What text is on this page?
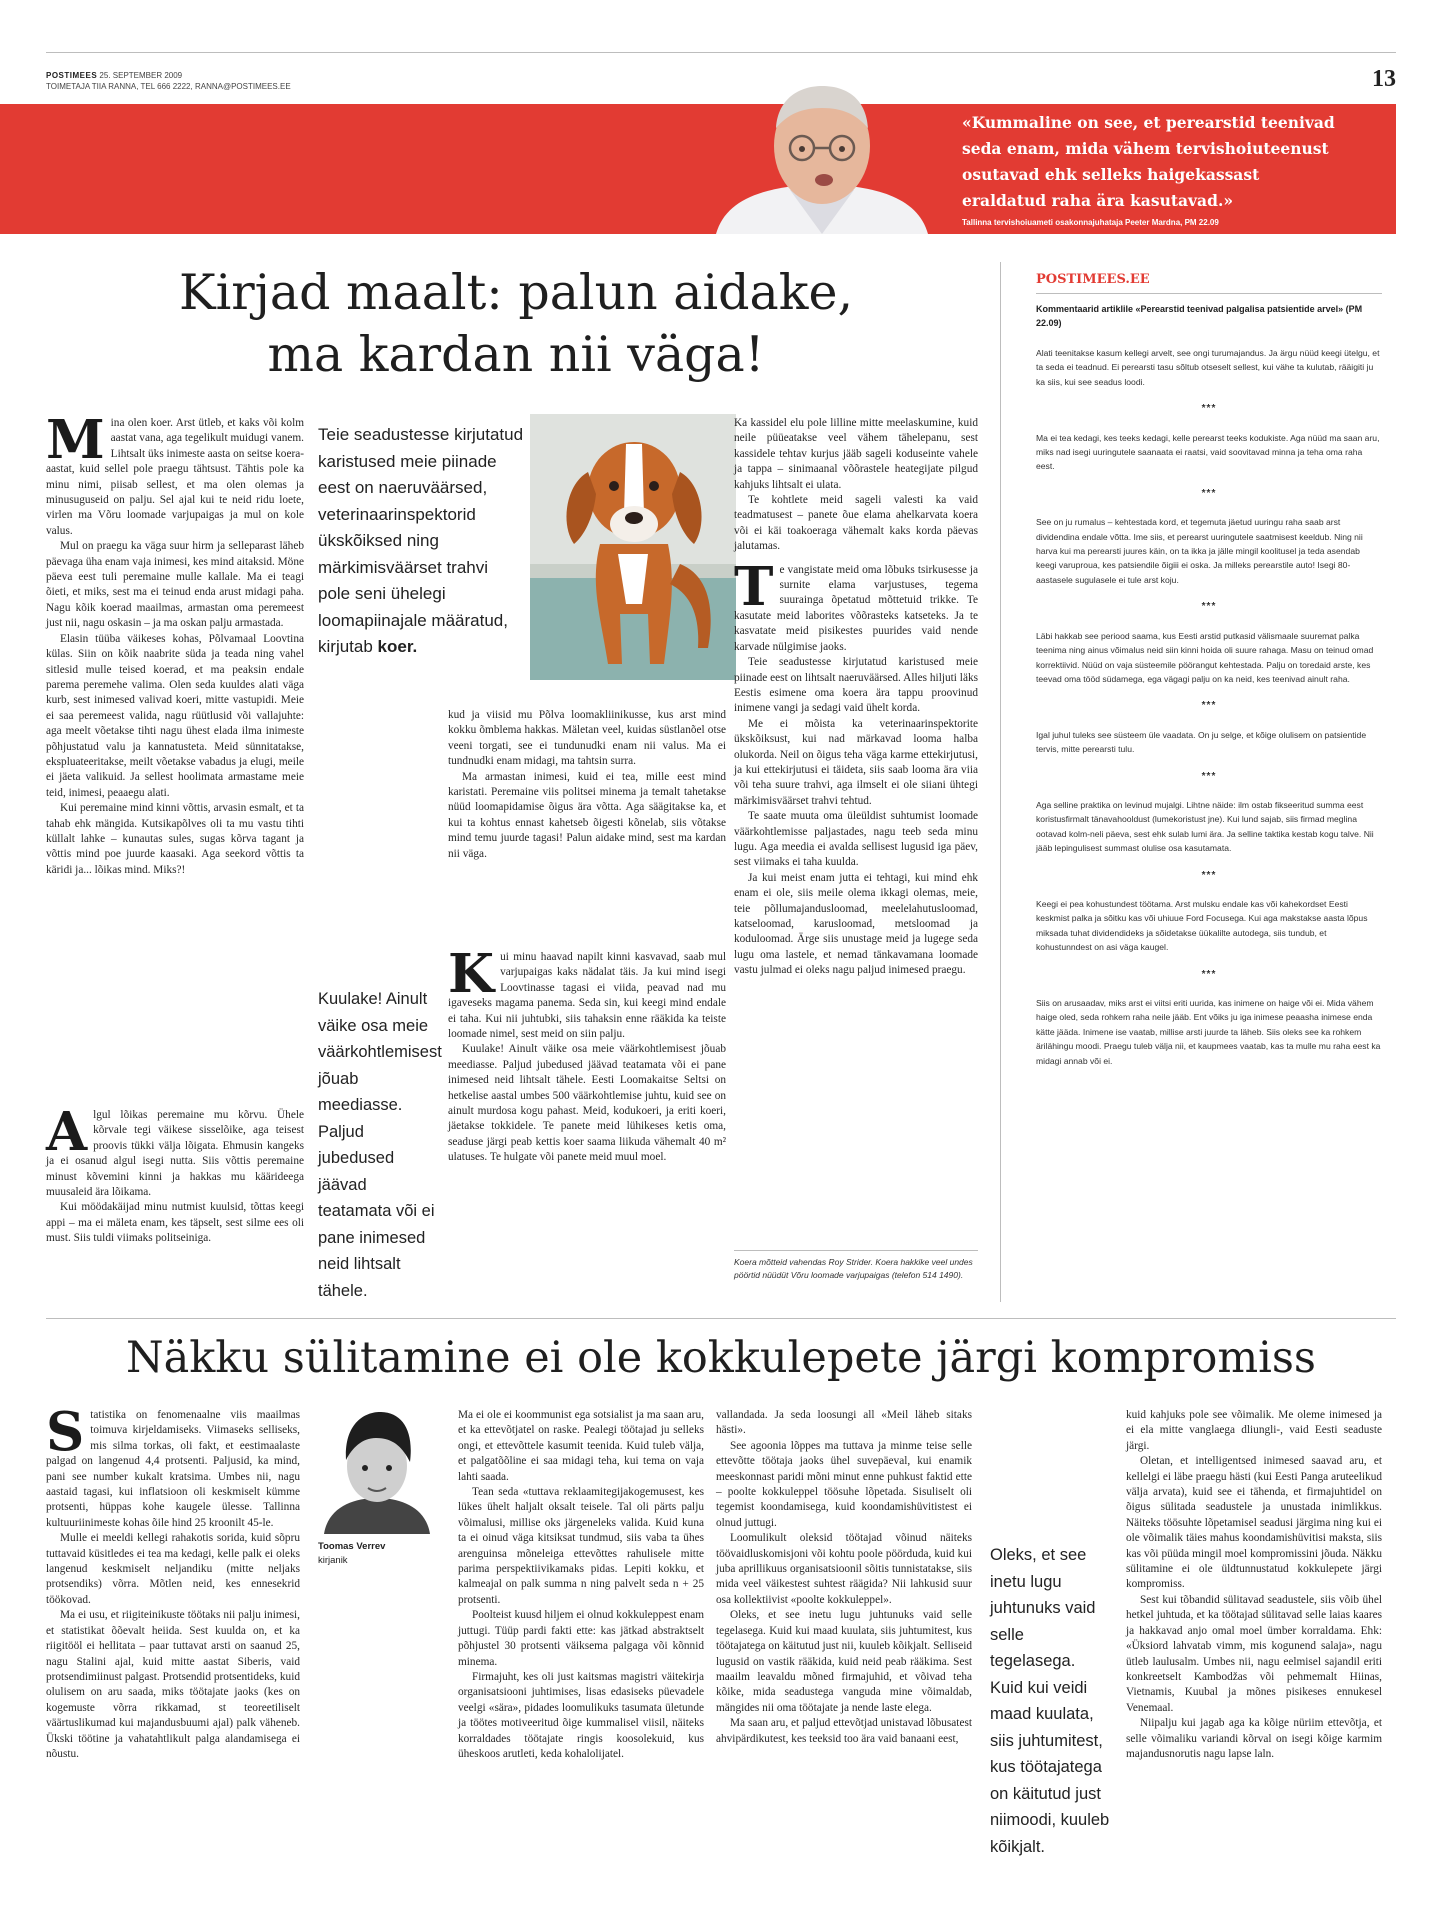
POSTIMEES 25. SEPTEMBER 2009
TOIMETAJA TIIA RANNA, TEL 666 2222, RANNA@POSTIMEES.EE	13
«Kummaline on see, et perearstid teenivad
seda enam, mida vähem tervishoiuteenust
osutavad ehk selleks haigekassast
eraldatud raha ära kasutavad.»
Tallinna tervishoiuameti osakonnajuhataja Peeter Mardna, PM 22.09
Kirjad maalt: palun aidake,
ma kardan nii väga!

Mina olen koer. Arst ütleb, et kaks või kolm aastat vana, aga tegelikult muidugi vanem. Lihtsalt üks inimeste aasta on seitse koera-aastat, kuid sellel pole praegu tähtsust. Tähtis pole ka minu nimi, piisab sellest, et ma olen olemas ja minusuguseid on palju. Sel ajal kui te neid ridu loete, virlen ma Võru loomade varjupaigas ja mul on kole valus.

Mul on praegu ka väga suur hirm ja selleparast läheb päevaga üha enam vaja inimesi, kes mind aitaksid. Möne päeva eest tuli peremaine mulle kallale. Ma ei teagi õieti, et miks, sest ma ei teinud enda arust midagi paha. Nagu kõik koerad maailmas, armastan oma peremeest just nii, nagu oskasin – ja ma oskan palju armastada.

Elasin tüüba väikeses kohas, Põlvamaal Loovtina külas. Siin on kõik naabrite süda ja teada ning vahel sitlesid mulle teised koerad, et ma peaksin endale parema peremehe valima. Olen seda kuuldes alati väga kurb, sest inimesed valivad koeri, mitte vastupidi. Meie ei saa peremeest valida, nagu rüütlusid või vallajuhte: aga meelt võetakse tihti nagu ühest elada ilma inimeste põhjustatud valu ja kannatusteta. Meid sünnitatakse, ekspluateeritakse, meilt võetakse vabadus ja elugi, meile ei jäeta valikuid. Ja sellest hoolimata armastame meie teid, inimesi, peaaegu alati.

Kui peremaine mind kinni võttis, arvasin esmalt, et ta tahab ehk mängida. Kutsikapõlves oli ta mu vastu tihti küllalt lahke – kunautas sules, sugas kõrva tagant ja võttis mind poe juurde kaasaki. Aga seekord võttis ta käridi ja... lõikas mind. Miks?!

Algul lõikas peremaine mu kõrvu. Ühele kõrvale tegi väikese sisselõike, aga teisest proovis tükki välja lõigata. Ehmusin kangeks ja ei osanud algul isegi nutta. Siis võttis peremaine minust kõvemini kinni ja hakkas mu käärideega muusaleid ära lõikama.

Kui möödakäijad minu nutmist kuulsid, tõttas keegi appi – ma ei mäleta enam, kes täpselt, sest silme ees oli must. Siis tuldi viimaks politseiniga.

Teie seadustesse kirjutatud karistused meie piinade eest on naeruväärsed, veterinaarinspektorid ükskõiksed ning märkimisväärset trahvi pole seni ühelegi loomapiinajale määratud, kirjutab koer.
Kuulake! Ainult väike osa meie väärkohtlemisest jõuab meediasse. Paljud jubedused jäävad teatamata või ei pane inimesed neid lihtsalt tähele.

kud ja viisid mu Põlva loomakliinikusse, kus arst mind kokku õmblema hakkas. Mäletan veel, kuidas süstlanõel otse veeni torgati, see ei tundunudki enam nii valus. Ma ei tundnudki enam midagi, ma tahtsin surra.

Ma armastan inimesi, kuid ei tea, mille eest mind karistati. Peremaine viis politsei minema ja temalt tahetakse nüüd loomapidamise õigus ära võtta. Aga säägitakse ka, et kui ta kohtus ennast kahetseb õigesti kõnelab, siis võtakse mind temu juurde tagasi! Palun aidake mind, sest ma kardan nii väga.

Kui minu haavad napilt kinni kasvavad, saab mul varjupaigas kaks nädalat täis. Ja kui mind isegi Loovtinasse tagasi ei viida, peavad nad mu igaveseks magama panema. Seda sin, kui keegi mind endale ei taha. Kui nii juhtubki, siis tahaksin enne rääkida ka teiste loomade nimel, sest meid on siin palju.

Kuulake! Ainult väike osa meie väärkohtlemisest jõuab meediasse. Paljud jubedused jäävad teatamata või ei pane inimesed neid lihtsalt tähele. Eesti Loomakaitse Seltsi on hetkelise aastal umbes 500 väärkohtlemise juhtu, kuid see on ainult murdosa kogu pahast. Meid, kodukoeri, ja eriti koeri, jäetakse tokkidele. Te panete meid lühikeses ketis oma, seaduse järgi peab kettis koer saama liikuda vähemalt 40 m² ulatuses. Te hulgate või panete meid muul moel.

Ka kassidel elu pole lilline mitte meelaskumine, kuid neile püüeatakse veel vähem tähelepanu, sest kassidele tehtav kurjus jääb sageli koduseinte vahele ja tappa – sinimaanal võõrastele heategijate pilgud kahjuks lihtsalt ei ulata.

Te kohtlete meid sageli valesti ka vaid teadmatusest – panete õue elama ahelkarvata koera või ei käi toakoeraga vähemalt kaks korda päevas jalutamas.

Te vangistate meid oma lõbuks tsirkusesse ja surnite elama varjustuses, tegema suurainga õpetatud mõttetuid trikke. Te kasutate meid laborites võõrasteks katseteks. Ja te kasvatate meid pisikestes puurides vaid nende karvade nülgimise jaoks.

Teie seadustesse kirjutatud karistused meie piinade eest on lihtsalt naeruväärsed. Alles hiljuti läks Eestis esimene oma koera ära tappu proovinud inimene vangi ja sedagi vaid ühelt korda.

Me ei mõista ka veterinaarinspektorite ükskõiksust, kui nad märkavad looma halba olukorda. Neil on õigus teha väga karme ettekirjutusi, ja kui ettekirjutusi ei täideta, siis saab looma ära viia või teha suure trahvi, aga ilmselt ei ole siiani ühtegi märkimisväärset trahvi tehtud.

Te saate muuta oma üleüldist suhtumist loomade väärkohtlemisse paljastades, nagu teeb seda minu lugu. Aga meedia ei avalda sellisest lugusid iga päev, sest viimaks ei taha kuulda.

Ja kui meist enam jutta ei tehtagi, kui mind ehk enam ei ole, siis meile olema ikkagi olemas, meie, teie põllumajandusloomad, meelelahutusloomad, katseloomad, karusloomad, metsloomad ja koduloomad. Ärge siis unustage meid ja lugege seda lugu oma lastele, et nemad tänkavamana loomade vastu julmad ei oleks nagu paljud inimesed praegu.

Koera mõtteid vahendas Roy Strider. Koera hakkike veel undes pöörtid nüüdüt Võru loomade varjupaigas (telefon 514 1490).
POSTIMEES.EE
Kommentaarid artiklile «Perearstid teenivad palgalisa patsientide arvel» (PM 22.09)

Alati teenitakse kasum kellegi arvelt, see ongi turumajandus. Ja ärgu nüüd keegi ütelgu, et ta seda ei teadnud. Ei perearsti tasu sõltub otseselt sellest, kui vähe ta kulutab, rääigiti ju ka siis, kui see seadus loodi.

***

Ma ei tea kedagi, kes teeks kedagi, kelle perearst teeks kodukiste. Aga nüüd ma saan aru, miks nad isegi uuringutele saanaata ei raatsi, vaid soovitavad minna ja teha oma raha eest.

***

See on ju rumalus – kehtestada kord, et tegemuta jäetud uuringu raha saab arst dividendina endale võtta. Ime siis, et perearst uuringutele saatmisest keeldub. Ning nii harva kui ma perearsti juures käin, on ta ikka ja jälle mingil koolitusel ja teda asendab keegi varuproua, kes patsiendile õigiii ei oska. Ja milleks perearstile auto! Isegi 80-aastasele sugulasele ei tule arst koju.

***

Läbi hakkab see periood saama, kus Eesti arstid putkasid välismaale suuremat palka teenima ning ainus võimalus neid siin kinni hoida oli suure rahaga. Masu on teinud omad korrektiivid. Nüüd on vaja süsteemile pöörangut kehtestada. Palju on toredaid arste, kes teevad oma tööd südamega, ega vägagi palju on ka neid, kes teenivad ainult raha.

***

Igal juhul tuleks see süsteem üle vaadata. On ju selge, et kõige olulisem on patsientide tervis, mitte perearsti tulu.

***

Aga selline praktika on levinud mujalgi. Lihtne näide: ilm ostab fikseeritud summa eest koristusfirmalt tänavahooldust (lumekoristust jne). Kui lund sajab, siis firmad meglina ootavad kolm-neli päeva, sest ehk sulab lumi ära. Ja selline taktika kestab kogu talve. Nii jääb lepingulisest summast olulise osa kasutamata.

***

Keegi ei pea kohustundest töötama. Arst mulsku endale kas või kahekordset Eesti keskmist palka ja sõitku kas või uhiuue Ford Focusega. Kui aga makstakse aasta lõpus miksada tuhat dividendideks ja sõidetakse üükalilte autodega, siis tundub, et kohustunndest on asi väga kaugel.

***

Siis on arusaadav, miks arst ei viitsi eriti uurida, kas inimene on haige või ei. Mida vähem haige oled, seda rohkem raha neile jääb. Ent võiks ju iga inimese peaasha inimese enda kätte jääda. Inimene ise vaatab, millise arsti juurde ta läheb. Siis oleks see ka rohkem ärilähingu moodi. Praegu tuleb välja nii, et kaupmees vaatab, kas ta mulle mu raha eest ka midagi annab või ei.

Näkku sülitamine ei ole kokkulepete järgi kompromiss

Statistika on fenomenaalne viis maailmas toimuva kirjeldamiseks. Viimaseks selliseks, mis silma torkas, oli fakt, et eestimaalaste palgad on langenud 4,4 protsenti. Paljusid, ka mind, pani see number kukalt kratsima. Umbes nii, nagu aastaid tagasi, kui inflatsioon oli keskmiselt kümme protsenti, hüppas kohe kaugele ülesse. Tallinna kultuuriinimeste kohas õile hind 25 kroonilt 45-le.

Mulle ei meeldi kellegi rahakotis sorida, kuid sõpru tuttavaid küsitledes ei tea ma kedagi, kelle palk ei oleks langenud keskmiselt neljandiku (mitte neljaks protsendiks) võrra. Mõtlen neid, kes ennesekrid töökovad.

Ma ei usu, et riigiteinikuste töötaks nii palju inimesi, et statistikat õõevalt heiida. Sest kuulda on, et ka riigitööl ei hellitata – paar tuttavat arsti on saanud 25, nagu Stalini ajal, kuid mitte aastat Siberis, vaid protsendimiinust palgast. Protsendid protsentideks, kuid olulisem on aru saada, miks töötajate jaoks (kes on kogemuste võrra rikkamad, st teoreetiliselt väärtuslikumad kui majandusbuumi ajal) palk väheneb. Ükski töötine ja vahatahtlikult palga alandamisega ei nõustu.

Toomas Verrev
kirjanik

Ma ei ole ei koommunist ega sotsialist ja ma saan aru, et ka ettevõtjatel on raske. Pealegi töötajad ju selleks ongi, et ettevõttele kasumit teenida. Kuid tuleb välja, et palgatõõline ei saa midagi teha, kui tema on vaja lahti saada.

Tean seda «tuttava reklaamitegijakogemusest, kes lükes ühelt haljalt oksalt teisele. Tal oli pärts palju võimalusi, millise oks järgeneleks valida. Kuid kuna ta ei oinud väga kitsiksat tundmud, siis vaba ta ühes arenguinsa mõneleiga ettevõttes rahulisele mitte parima perspektiivikamaks pidas. Lepiti kokku, et kalmeajal on palk summa n ning palvelt seda n + 25 protsenti.

Poolteist kuusd hiljem ei olnud kokkuleppest enam juttugi. Tüüp pardi fakti ette: kas jätkad abstraktselt põhjustel 30 protsenti väiksema palgaga või kõnnid minema.

Firmajuht, kes oli just kaitsmas magistri väitekirja organisatsiooni juhtimises, lisas edasiseks püevadele veelgi «sära», pidades loomulikuks tasumata ületunde ja töötes motiveeritud õige kummalisel viisil, näiteks korraldades töötajate ringis koosolekuid, kus üheskoos arutleti, keda kohalolijatel.

vallandada. Ja seda loosungi all «Meil läheb sitaks hästi».

See agoonia lõppes ma tuttava ja minme teise selle ettevõtte töötaja jaoks ühel suvepäeval, kui enamik meeskonnast paridi mõni minut enne puhkust faktid ette – poolte kokkuleppel töösuhe lõpetada. Sisuliselt oli tegemist koondamisega, kuid koondamishüvitistest ei olnud juttugi.

Loomulikult oleksid töötajad võinud näiteks töövaidluskomisjoni või kohtu poole pöörduda, kuid kui juba aprillikuus organisatsioonil sõitis tunnistatakse, siis mida veel väikestest suhtest räägida? Nii lahkusid suur osa kollektiivist «poolte kokkuleppel».

Oleks, et see inetu lugu juhtunuks vaid selle tegelasega. Kuid kui maad kuulata, siis juhtumitest, kus töötajatega on käitutud just nii, kuuleb kõikjalt. Selliseid lugusid on vastik rääkida, kuid neid peab rääkima. Sest maailm leavaldu mõned firmajuhid, et võivad teha kõike, mida seadustega vanguda mine võimaldab, mängides nii oma töötajate ja nende laste elega.

Ma saan aru, et paljud ettevõtjad unistavad lõbusatest ahvipärdikutest, kes teeksid too ära vaid banaani eest,

Oleks, et see inetu lugu juhtunuks vaid selle tegelasega. Kuid kui veidi maad kuulata, siis juhtumitest, kus töötajatega on käitutud just niimoodi, kuuleb kõikjalt.

kuid kahjuks pole see võimalik. Me oleme inimesed ja ei ela mitte vanglaega dliungli-, vaid Eesti seaduste järgi.

Oletan, et intelligentsed inimesed saavad aru, et kellelgi ei läbe praegu hästi (kui Eesti Panga aruteelikud välja arvata), kuid see ei tähenda, et firmajuhtidel on õigus sülitada seadustele ja unustada inimlikkus. Näiteks töösuhte lõpetamisel seadusi järgima ning kui ei ole võimalik täies mahus koondamishüvitisi maksta, siis kas või püüda mingil moel kompromissini jõuda. Näkku sülitamine ei ole üldtunnustatud kokkulepete järgi kompromiss.

Sest kui tõbandid sülitavad seadustele, siis võib ühel hetkel juhtuda, et ka töötajad sülitavad selle laias kaares ja hakkavad anjo omal moel ümber korraldama. Ehk: «Üksiord lahvatab vimm, mis kogunend salaja», nagu ütleb laulusalm. Umbes nii, nagu eelmisel sajandil eriti konkreetselt Kambodžas või pehmemalt Hiinas, Vietnamis, Kuubal ja mõnes pisikeses ennukesel Venemaal.

Niipalju kui jagab aga ka kõige nüriim ettevõtja, et selle võimaliku variandi kõrval on isegi kõige karmim majandusnorutis nagu lapse laln.
